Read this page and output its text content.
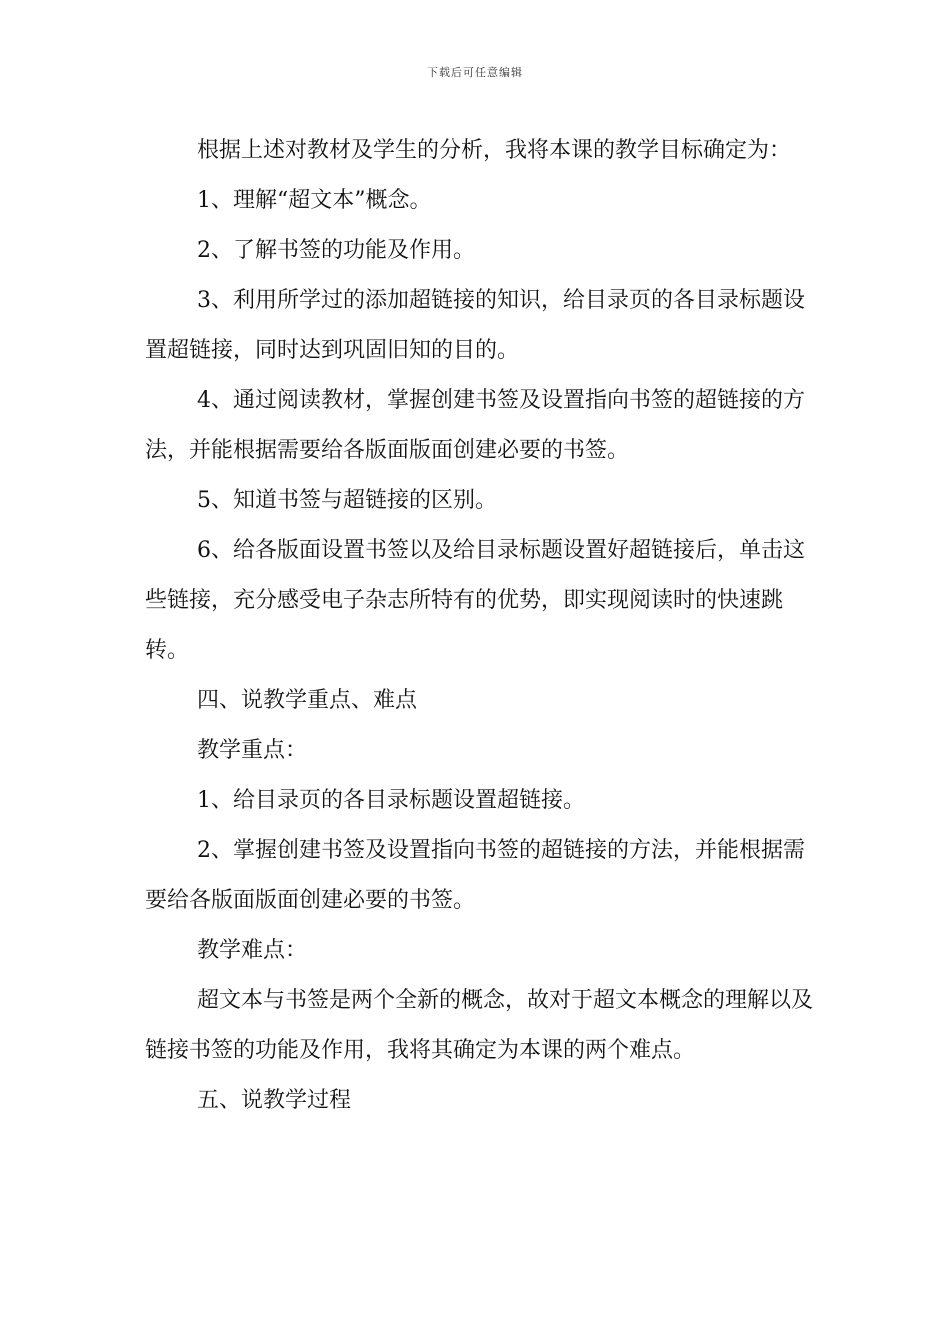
下载后可任意编辑

根据上述对教材及学生的分析，我将本课的教学目标确定为：

1、理解“超文本”概念。

2、了解书签的功能及作用。

3、利用所学过的添加超链接的知识，给目录页的各目录标题设置超链接，同时达到巩固旧知的目的。

4、通过阅读教材，掌握创建书签及设置指向书签的超链接的方法，并能根据需要给各版面版面创建必要的书签。

5、知道书签与超链接的区别。

6、给各版面设置书签以及给目录标题设置好超链接后，单击这些链接，充分感受电子杂志所特有的优势，即实现阅读时的快速跳转。

四、说教学重点、难点

教学重点：

1、给目录页的各目录标题设置超链接。

2、掌握创建书签及设置指向书签的超链接的方法，并能根据需要给各版面版面创建必要的书签。

教学难点：

超文本与书签是两个全新的概念，故对于超文本概念的理解以及链接书签的功能及作用，我将其确定为本课的两个难点。

五、说教学过程
